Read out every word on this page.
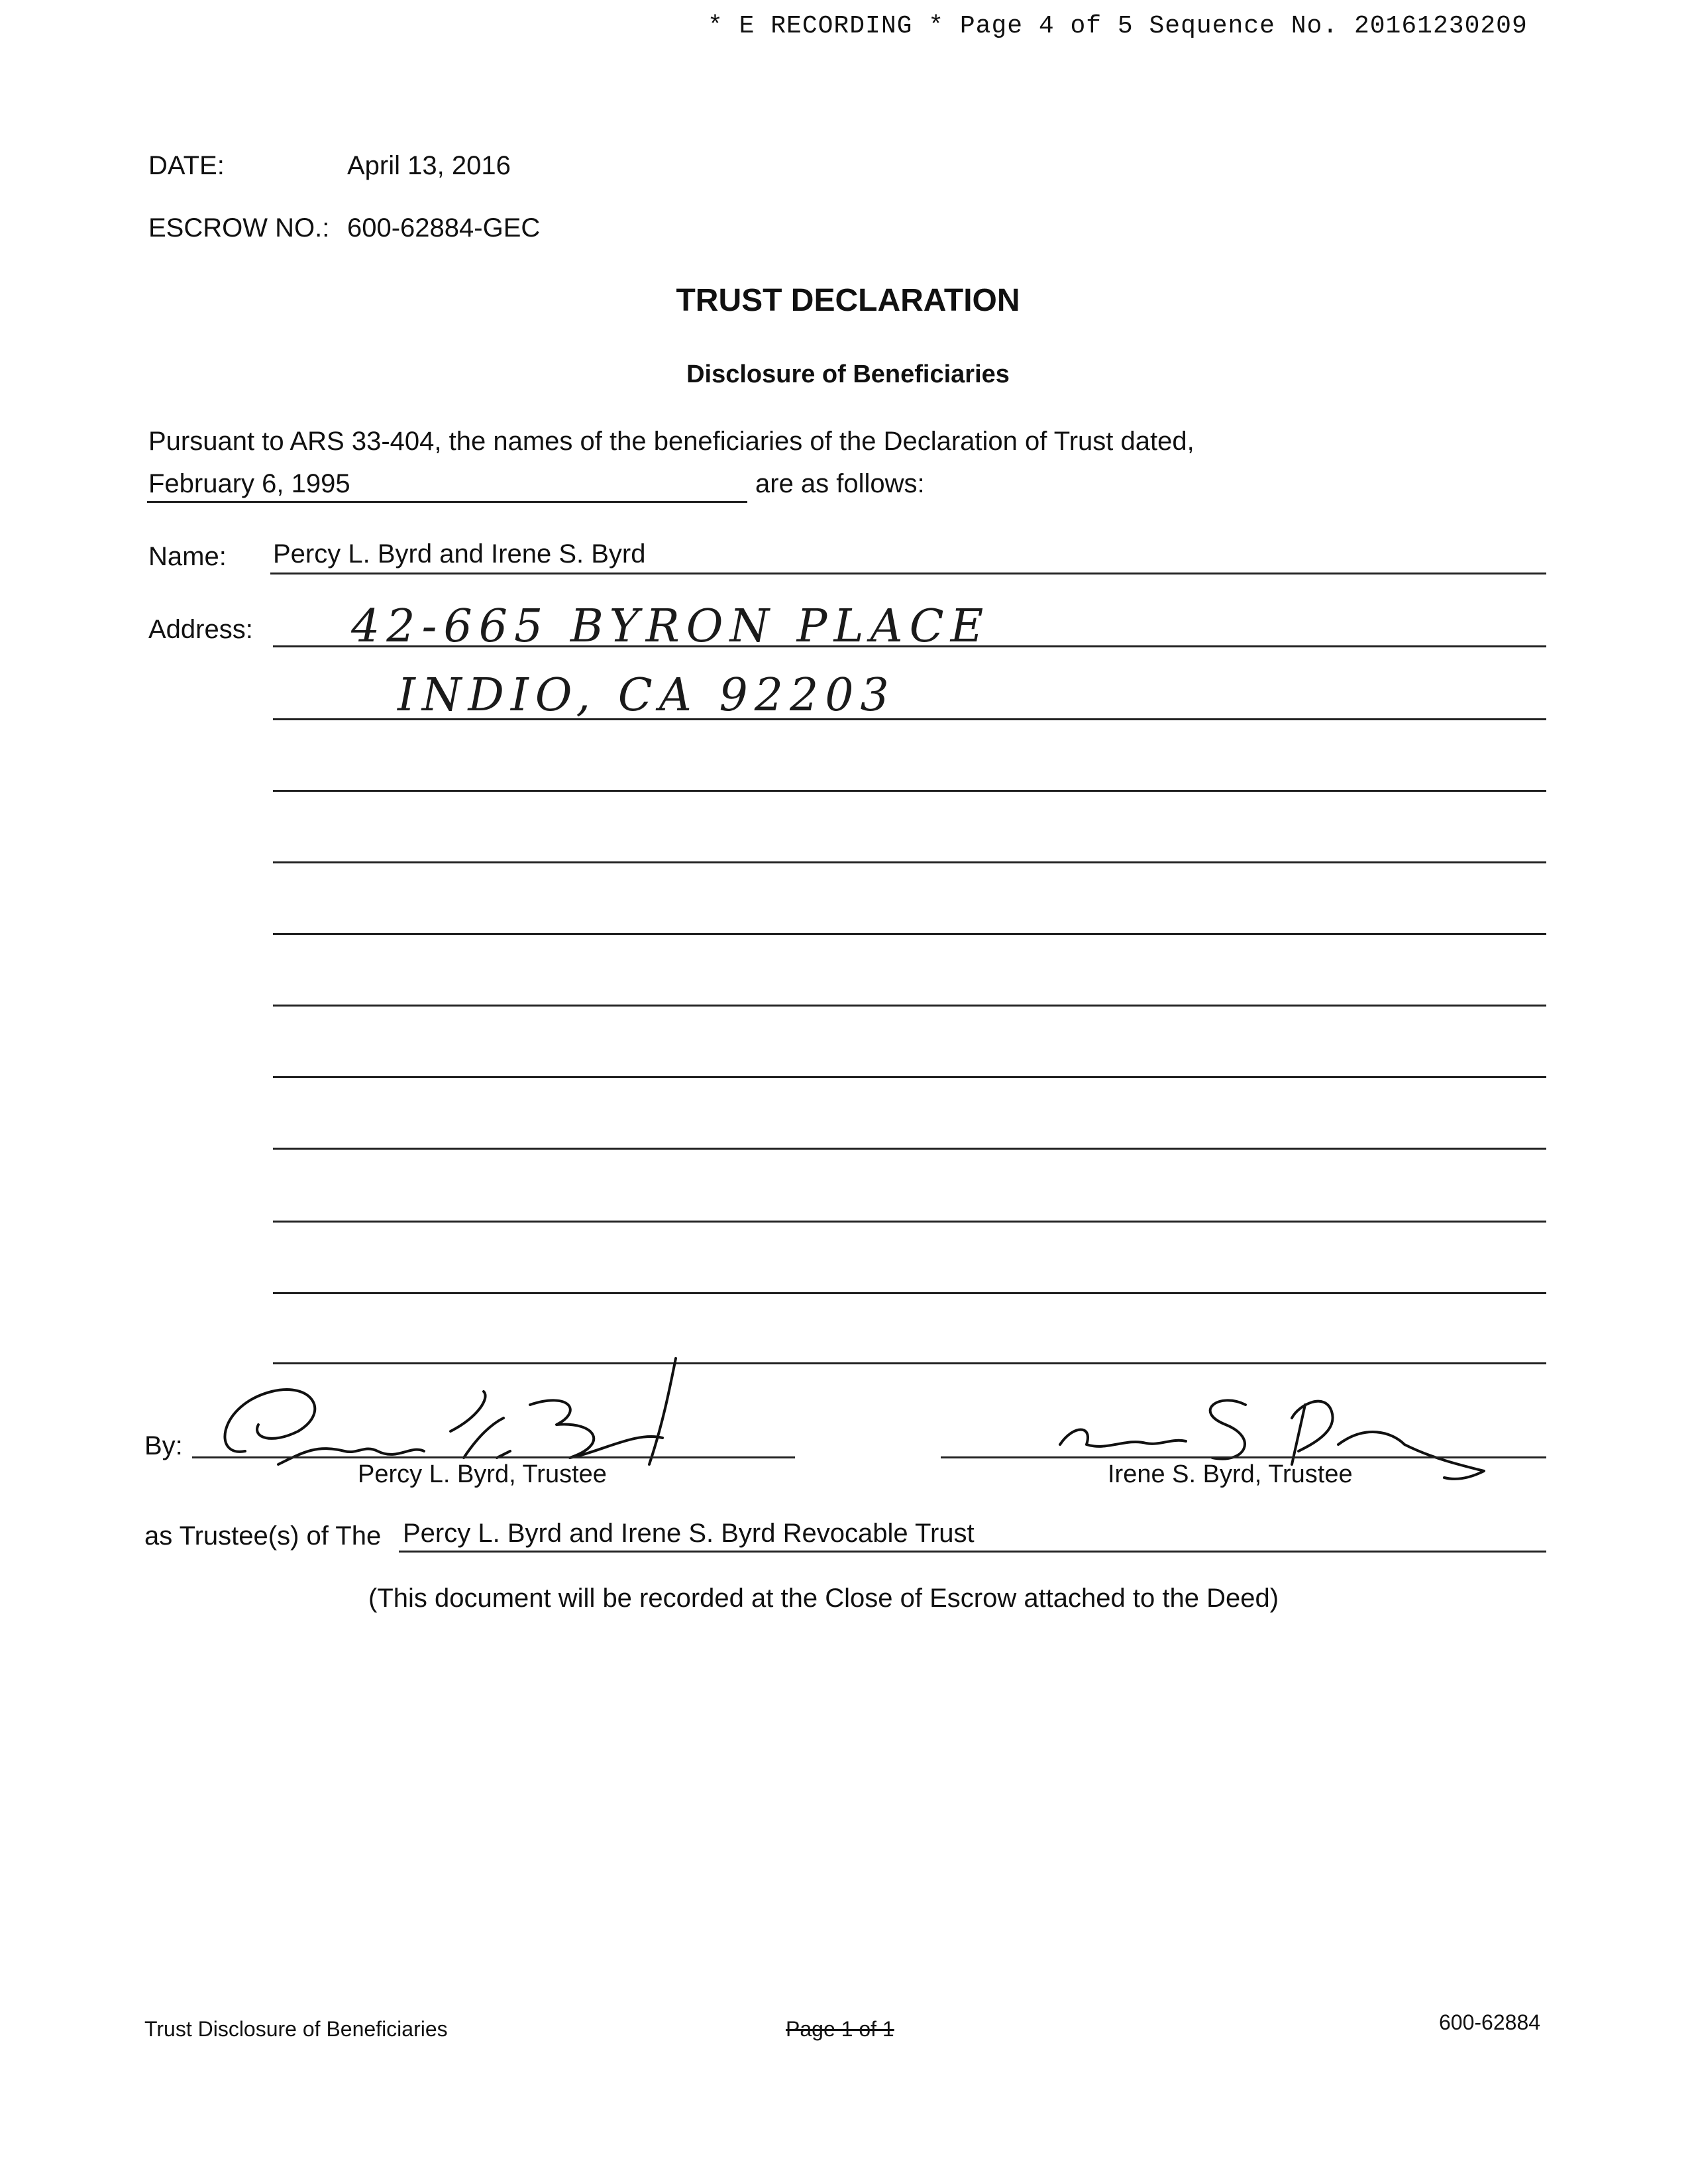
* E RECORDING * Page 4 of 5 Sequence No. 20161230209
DATE:	April 13, 2016
ESCROW NO.: 600-62884-GEC
TRUST DECLARATION
Disclosure of Beneficiaries
Pursuant to ARS 33-404, the names of the beneficiaries of the Declaration of Trust dated,
February 6, 1995	are as follows:
Name: Percy L. Byrd and Irene S. Byrd
Address: 42-665 BYRON PLACE
INDIO, CA 92203
By:
Percy L. Byrd, Trustee	Irene S. Byrd, Trustee
as Trustee(s) of The Percy L. Byrd and Irene S. Byrd Revocable Trust
(This document will be recorded at the Close of Escrow attached to the Deed)
Trust Disclosure of Beneficiaries	Page 1 of 1	600-62884
